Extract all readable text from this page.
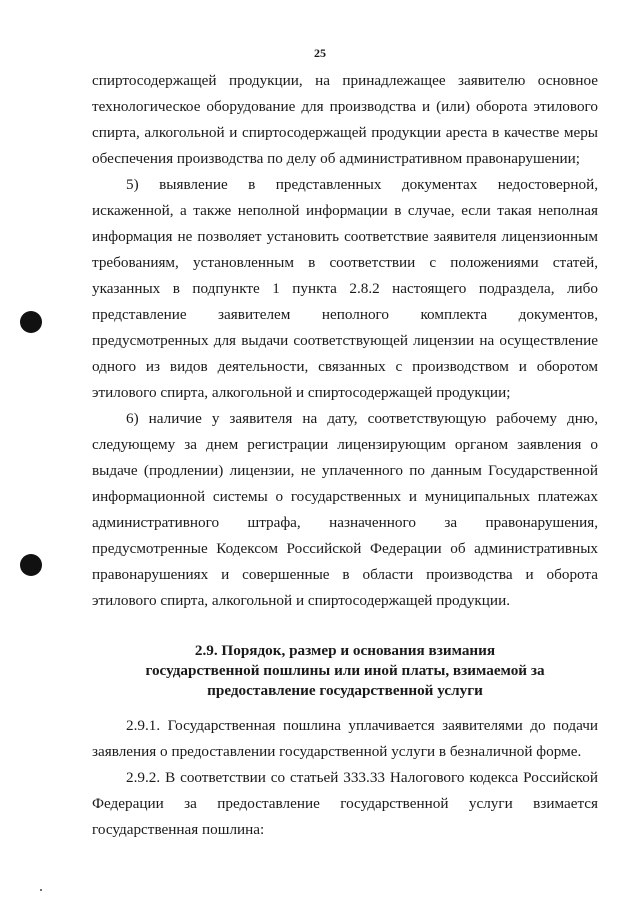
25

спиртосодержащей продукции, на принадлежащее заявителю основное технологическое оборудование для производства и (или) оборота этилового спирта, алкогольной и спиртосодержащей продукции ареста в качестве меры обеспечения производства по делу об административном правонарушении;

5) выявление в представленных документах недостоверной, искаженной, а также неполной информации в случае, если такая неполная информация не позволяет установить соответствие заявителя лицензионным требованиям, установленным в соответствии с положениями статей, указанных в подпункте 1 пункта 2.8.2 настоящего подраздела, либо представление заявителем неполного комплекта документов, предусмотренных для выдачи соответствующей лицензии на осуществление одного из видов деятельности, связанных с производством и оборотом этилового спирта, алкогольной и спиртосодержащей продукции;

6) наличие у заявителя на дату, соответствующую рабочему дню, следующему за днем регистрации лицензирующим органом заявления о выдаче (продлении) лицензии, не уплаченного по данным Государственной информационной системы о государственных и муниципальных платежах административного штрафа, назначенного за правонарушения, предусмотренные Кодексом Российской Федерации об административных правонарушениях и совершенные в области производства и оборота этилового спирта, алкогольной и спиртосодержащей продукции.

2.9. Порядок, размер и основания взимания
государственной пошлины или иной платы, взимаемой за
предоставление государственной услуги

2.9.1. Государственная пошлина уплачивается заявителями до подачи заявления о предоставлении государственной услуги в безналичной форме.

2.9.2. В соответствии со статьей 333.33 Налогового кодекса Российской Федерации за предоставление государственной услуги взимается государственная пошлина:
